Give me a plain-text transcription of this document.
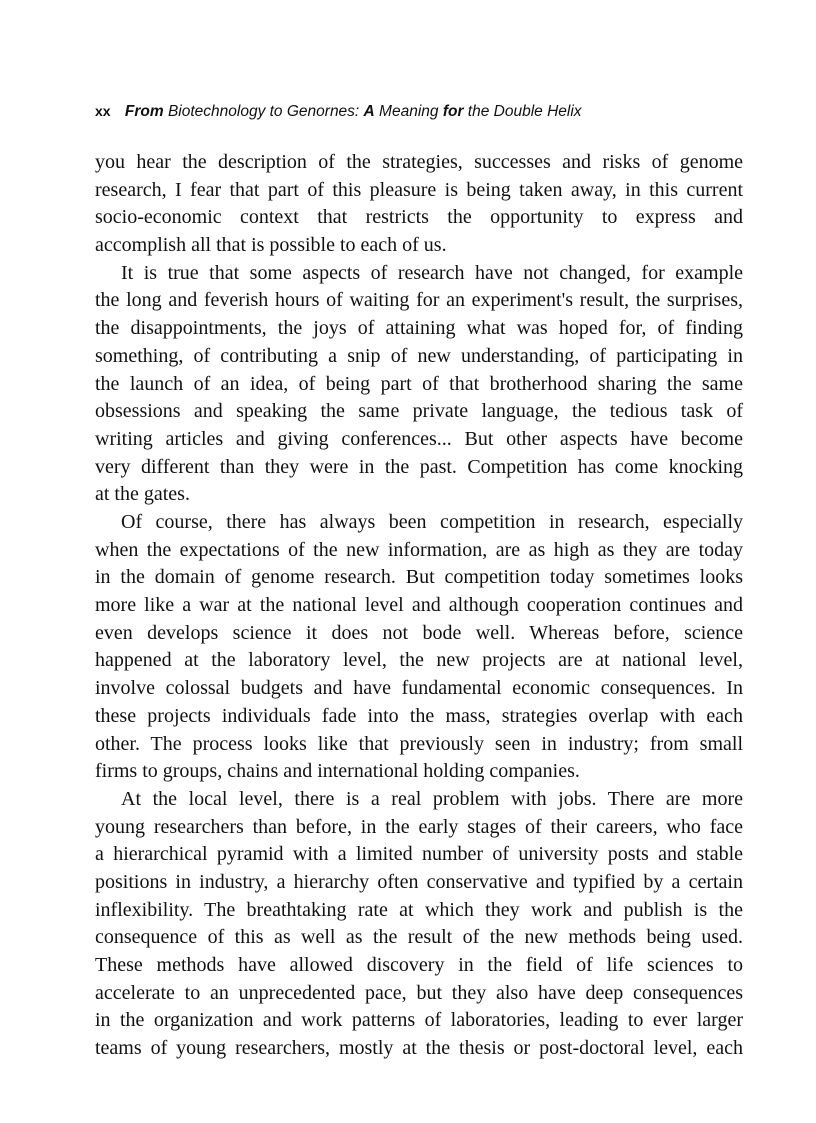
xx From Biotechnology to Genornes: A Meaning for the Double Helix
you hear the description of the strategies, successes and risks of genome
research, I fear that part of this pleasure is being taken away, in this current
socio-economic context that restricts the opportunity to express and
accomplish all that is possible to each of us.
It is true that some aspects of research have not changed, for example
the long and feverish hours of waiting for an experiment's result, the surprises,
the disappointments, the joys of attaining what was hoped for, of finding
something, of contributing a snip of new understanding, of participating in
the launch of an idea, of being part of that brotherhood sharing the same
obsessions and speaking the same private language, the tedious task of
writing articles and giving conferences... But other aspects have become
very different than they were in the past. Competition has come knocking
at the gates.
Of course, there has always been competition in research, especially
when the expectations of the new information, are as high as they are today
in the domain of genome research. But competition today sometimes looks
more like a war at the national level and although cooperation continues and
even develops science it does not bode well. Whereas before, science
happened at the laboratory level, the new projects are at national level,
involve colossal budgets and have fundamental economic consequences. In
these projects individuals fade into the mass, strategies overlap with each
other. The process looks like that previously seen in industry; from small
firms to groups, chains and international holding companies.
At the local level, there is a real problem with jobs. There are more
young researchers than before, in the early stages of their careers, who face
a hierarchical pyramid with a limited number of university posts and stable
positions in industry, a hierarchy often conservative and typified by a certain
inflexibility. The breathtaking rate at which they work and publish is the
consequence of this as well as the result of the new methods being used.
These methods have allowed discovery in the field of life sciences to
accelerate to an unprecedented pace, but they also have deep consequences
in the organization and work patterns of laboratories, leading to ever larger
teams of young researchers, mostly at the thesis or post-doctoral level, each
